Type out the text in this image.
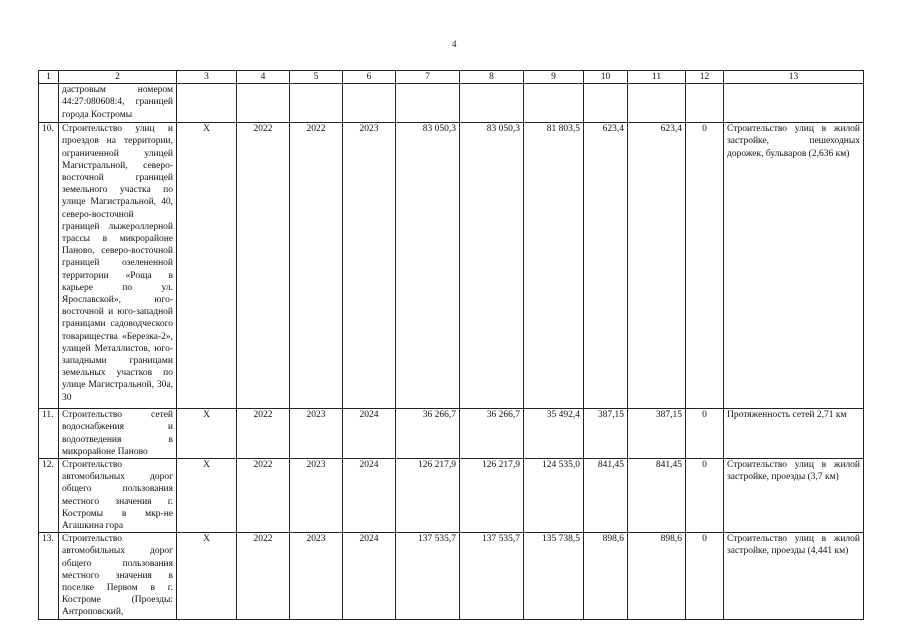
4
1	2	3	4	5	6	7	8	9	10	11	12	13
	дастровым номером 44:27:080608:4, границей города Костромы											
10.	Строительство улиц и проездов на территории, ограниченной улицей Магистральной, северо-восточной границей земельного участка по улице Магистральной, 40, северо-восточной границей лыжероллерной трассы в микрорайоне Паново, северо-восточной границей озелененной территории «Роща в карьере по ул. Ярославской», юго-восточной и юго-западной границами садоводческого товарищества «Березка-2», улицей Металлистов, юго-западными границами земельных участков по улице Магистральной, 30а, 30	X	2022	2022	2023	83 050,3	83 050,3	81 803,5	623,4	623,4	0	Строительство улиц в жилой застройке, пешеходных дорожек, бульваров (2,636 км)
11.	Строительство сетей водоснабжения и водоотведения в микрорайоне Паново	X	2022	2023	2024	36 266,7	36 266,7	35 492,4	387,15	387,15	0	Протяженность сетей 2,71 км
12.	Строительство автомобильных дорог общего пользования местного значения г. Костромы в мкр-не Агашкина гора	X	2022	2023	2024	126 217,9	126 217,9	124 535,0	841,45	841,45	0	Строительство улиц в жилой застройке, проезды (3,7 км)
13.	Строительство автомобильных дорог общего пользования местного значения в поселке Первом в г. Костроме (Проезды: Антроповский,	X	2022	2023	2024	137 535,7	137 535,7	135 738,5	898,6	898,6	0	Строительство улиц в жилой застройке, проезды (4,441 км)
